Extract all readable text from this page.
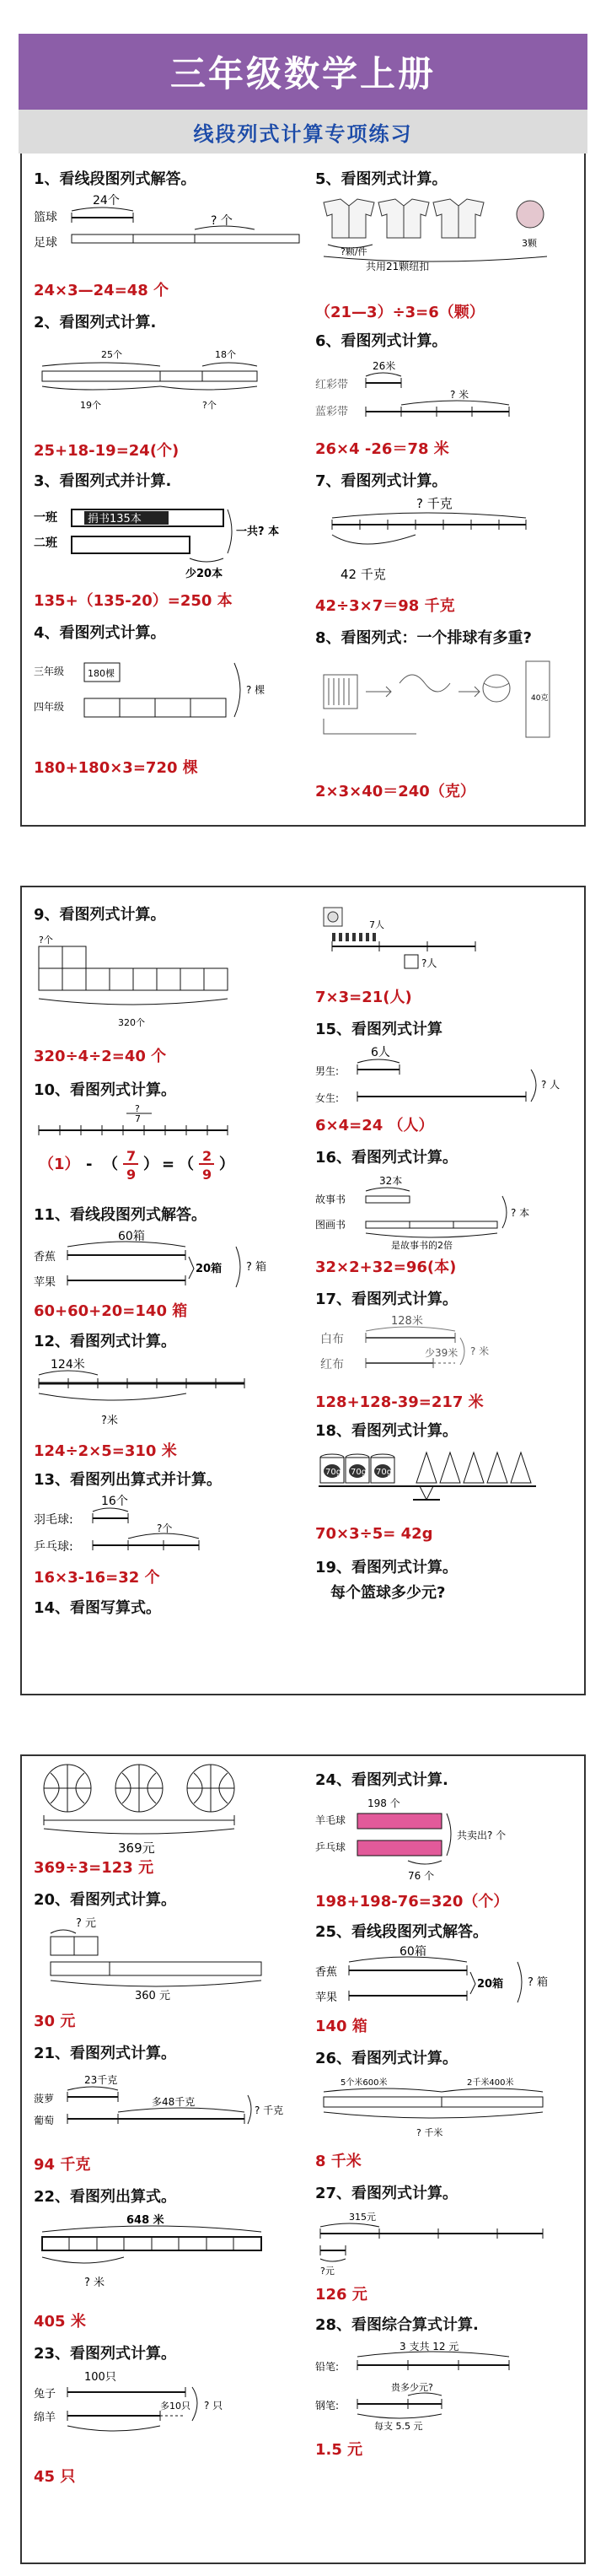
三年级数学上册
线段列式计算专项练习
1、看线段图列式解答。
篮球
足球
24个
? 个
24×3—24=48 个
2、看图列式计算.
25个	18个
19个	?个
25+18-19=24(个)
3、看图列式并计算.
一班
二班
捐书135本
一共? 本
少20本
135+（135-20）=250 本
4、看图列式计算。
三年级
四年级
180棵
? 棵
180+180×3=720 棵
5、看图列式计算。
?颗/件
3颗
共用21颗纽扣
（21—3）÷3=6（颗）
6、看图列式计算。
26米
红彩带
? 米
蓝彩带
26×4 -26＝78 米
7、看图列式计算。
? 千克
42 千克
42÷3×7＝98 千克
8、看图列式：一个排球有多重?
40克
2×3×40＝240（克）
9、看图列式计算。
?个
320个
320÷4÷2=40 个
10、看图列式计算。
?
7
（1） - （ 7
9
） = （ 2
9
）
11、看线段图列式解答。
60箱
香蕉
苹果
20箱 ? 箱
60+60+20=140 箱
12、看图列式计算。
124米
?米
124÷2×5=310 米
13、看图列出算式并计算。
16个
羽毛球:
乒乓球:
?个
16×3-16=32 个
14、看图写算式。
7人
?人
7×3=21(人)
15、看图列式计算
6人
男生:
女生:
? 人
6×4=24 （人）
16、看图列式计算。
32本
故事书
图画书
? 本
是故事书的2倍
32×2+32=96(本)
17、看图列式计算。
128米
白布
少39米
红布
? 米
128+128-39=217 米
18、看图列式计算。
70g 70g 70g
70×3÷5= 42g
19、看图列式计算。
每个篮球多少元?
369元
369÷3=123 元
20、看图列式计算。
? 元
360 元
30 元
21、看图列式计算。
23千克
菠萝
葡萄
多48千克
? 千克
94 千克
22、看图列出算式。
648 米
? 米
405 米
23、看图列式计算。
100只
兔子
绵羊
多10只 ? 只
45 只
24、看图列式计算.
198 个
羊毛球
乒乓球
共卖出? 个
76 个
198+198-76=320（个）
25、看线段图列式解答。
60箱
香蕉
苹果
20箱 ? 箱
140 箱
26、看图列式计算。
5个米600米	2千米400米
? 千米
8 千米
27、看图列式计算。
315元
?元
126 元
28、看图综合算式计算.
3 支共 12 元
铅笔:
贵多少元?
钢笔:
每支 5.5 元
1.5 元
